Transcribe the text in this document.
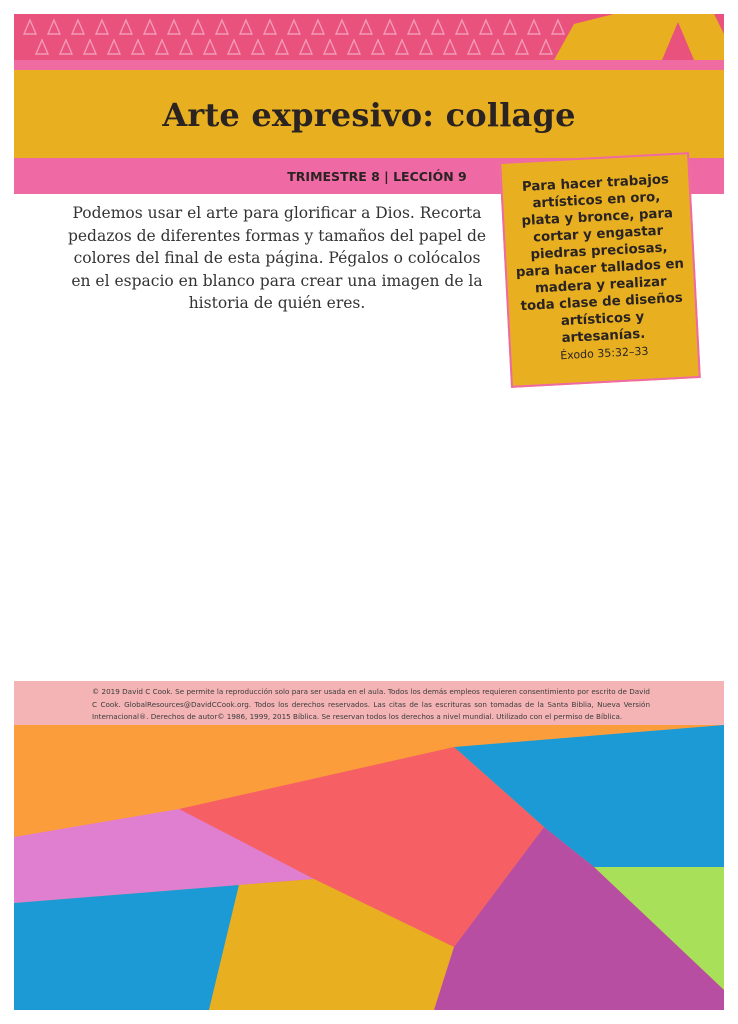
Arte expresivo: collage
TRIMESTRE 8 | LECCIÓN 9
Podemos usar el arte para glorificar a Dios. Recorta pedazos de diferentes formas y tamaños del papel de colores del final de esta página. Pégalos o colócalos en el espacio en blanco para crear una imagen de la historia de quién eres.
Para hacer trabajos artísticos en oro, plata y bronce, para cortar y engastar piedras preciosas, para hacer tallados en madera y realizar toda clase de diseños artísticos y artesanías.
Éxodo 35:32–33
© 2019 David C Cook. Se permite la reproducción solo para ser usada en el aula. Todos los demás empleos requieren consentimiento por escrito de David C Cook. GlobalResources@DavidCCook.org. Todos los derechos reservados. Las citas de las escrituras son tomadas de la Santa Biblia, Nueva Versión Internacional®. Derechos de autor© 1986, 1999, 2015 Bíblica. Se reservan todos los derechos a nivel mundial. Utilizado con el permiso de Bíblica.
